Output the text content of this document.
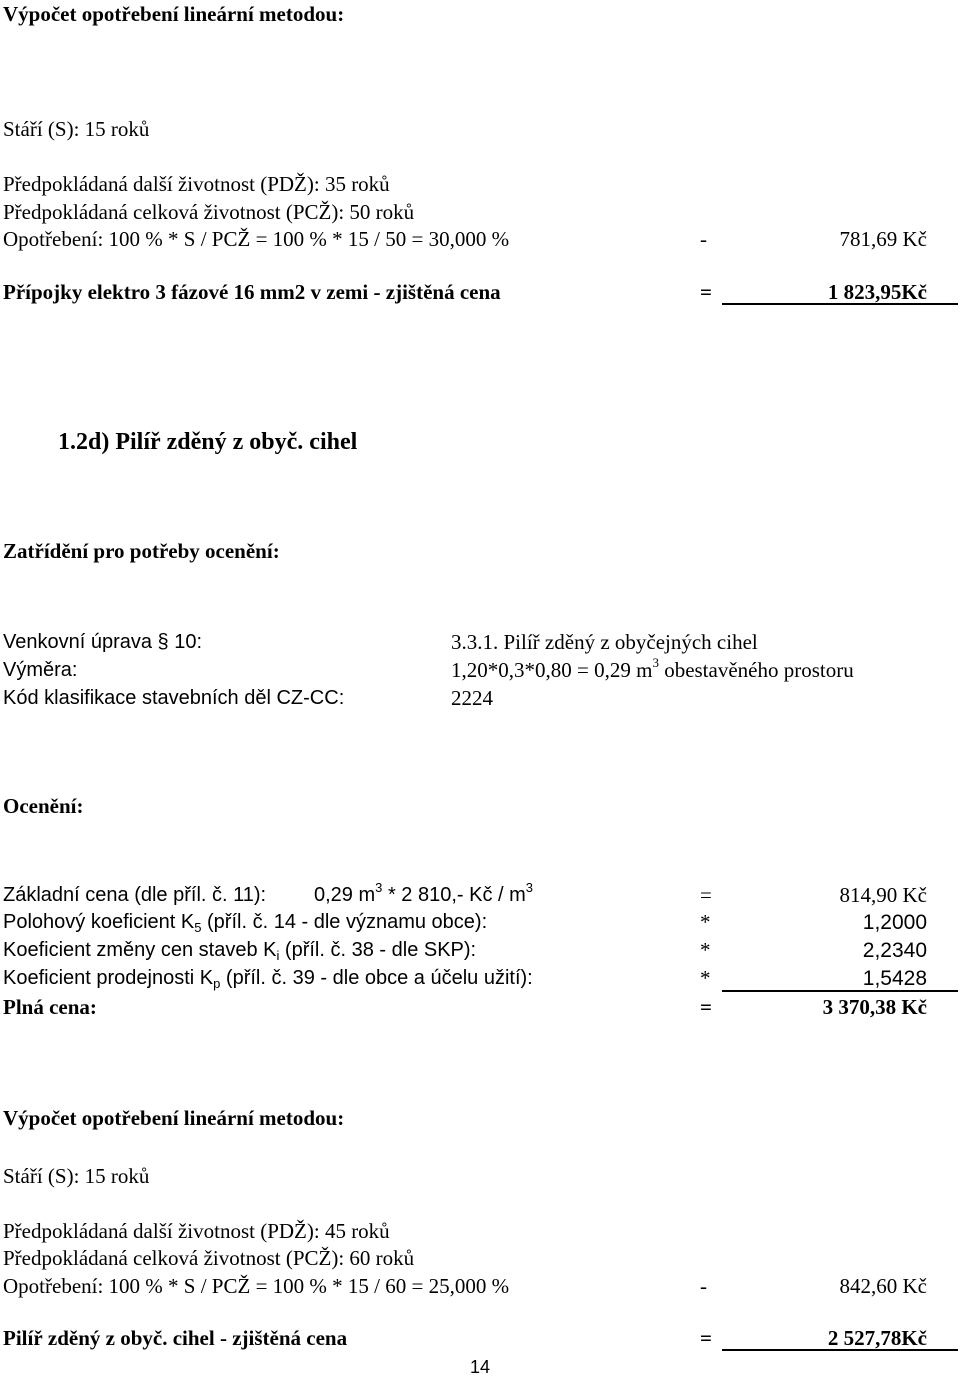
Výpočet opotřebení lineární metodou:
Stáří (S): 15 roků
Předpokládaná další životnost (PDŽ): 35 roků
Předpokládaná celková životnost (PCŽ): 50 roků
Opotřebení: 100 % * S / PCŽ = 100 % * 15 / 50 = 30,000 %	-	781,69 Kč
Přípojky elektro 3 fázové 16 mm2 v zemi - zjištěná cena	=	1 823,95Kč
1.2d) Pilíř zděný z obyč. cihel
Zatřídění pro potřeby ocenění:
Venkovní úprava § 10:	3.3.1. Pilíř zděný z obyčejných cihel
Výměra:	1,20*0,3*0,80 = 0,29 $m^3$ obestavěného prostoru
Kód klasifikace stavebních děl CZ-CC:	2224
Ocenění:
Základní cena (dle příl. č. 11): 0,29 $m^3 * 2$ 810,- Kč / $m^3$	=	814,90 Kč
Polohový koeficient $K_5$ (příl. č. 14 - dle významu obce):	*	1,2000
Koeficient změny cen staveb $K_i$ (příl. č. 38 - dle SKP):	*	2,2340
Koeficient prodejnosti $K_p$ (příl. č. 39 - dle obce a účelu užití):	*	1,5428
Plná cena:	=	3 370,38 Kč
Výpočet opotřebení lineární metodou:
Stáří (S): 15 roků
Předpokládaná další životnost (PDŽ): 45 roků
Předpokládaná celková životnost (PCŽ): 60 roků
Opotřebení: 100 % * S / PCŽ = 100 % * 15 / 60 = 25,000 %	-	842,60 Kč
Pilíř zděný z obyč. cihel - zjištěná cena	=	2 527,78Kč
14
